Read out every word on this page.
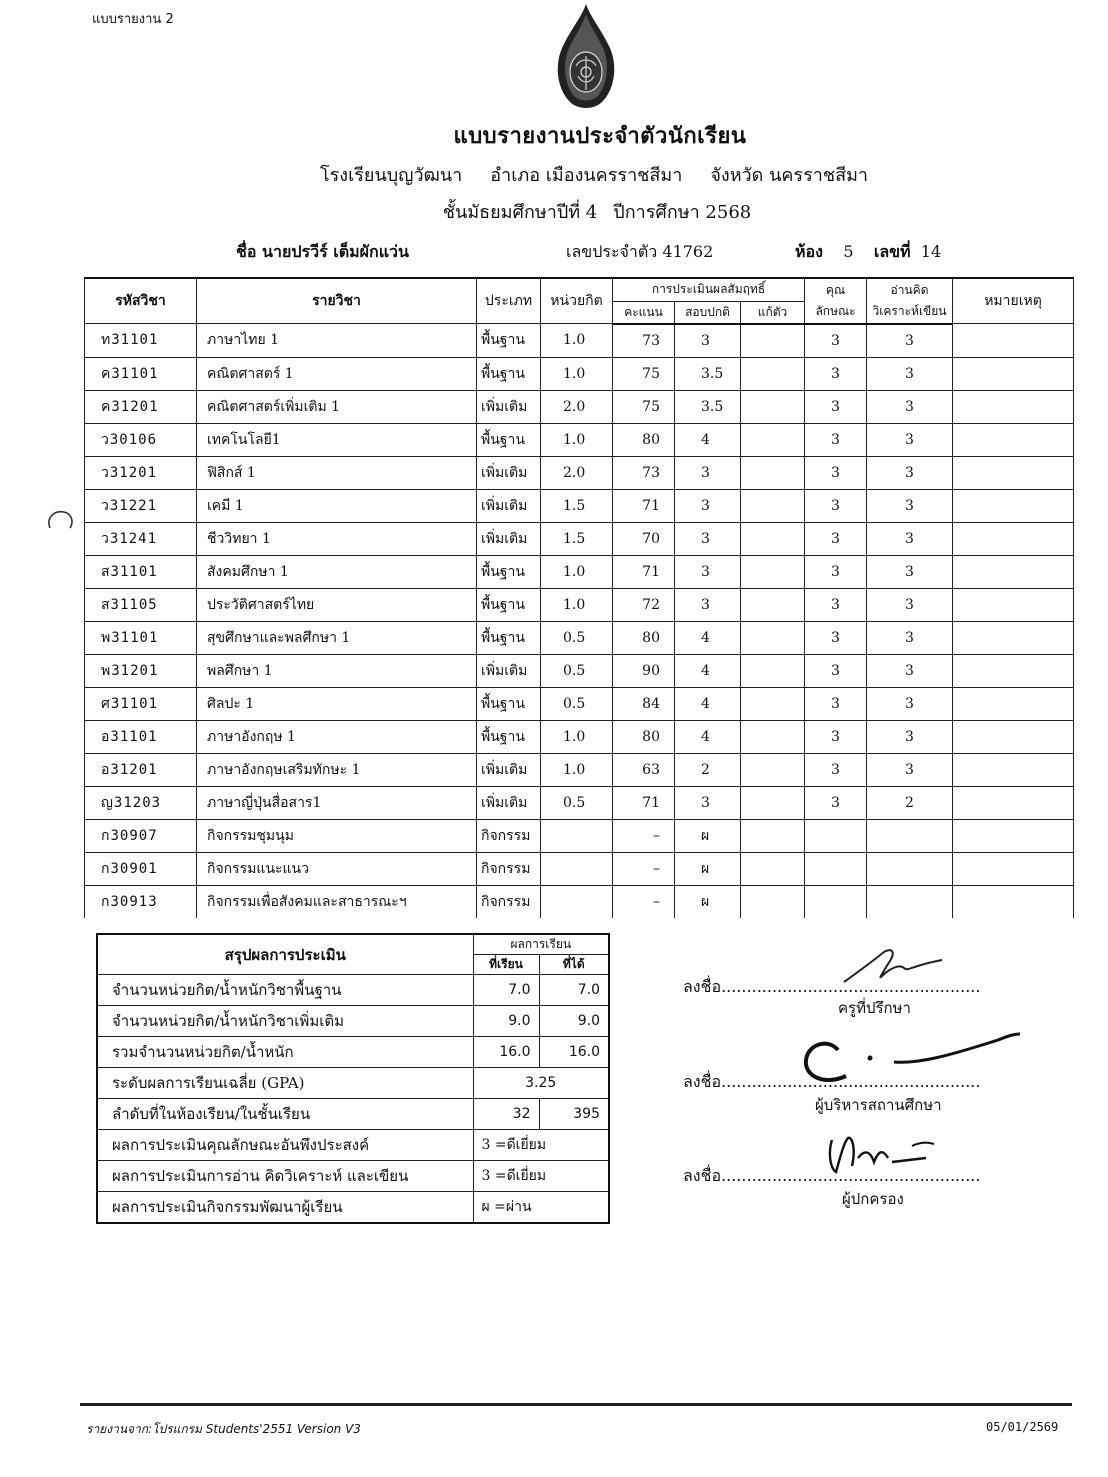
แบบรายงาน 2
แบบรายงานประจำตัวนักเรียน
โรงเรียนบุญวัฒนา อำเภอ เมืองนครราชสีมา จังหวัด นครราชสีมา
ชั้นมัธยมศึกษาปีที่ 4 ปีการศึกษา 2568
ชื่อ นายปรวีร์ เต็มผักแว่น	เลขประจำตัว 41762	ห้อง 5 เลขที่ 14
รหัสวิชา	รายวิชา	ประเภท	หน่วยกิต	การประเมินผลสัมฤทธิ์			คุณ	อ่านคิด	หมายเหตุ
				คะแนน	สอบปกติ	แก้ตัว	ลักษณะ	วิเคราะห์เขียน	
ท31101	ภาษาไทย 1	พื้นฐาน	1.0	73	3		3	3	
ค31101	คณิตศาสตร์ 1	พื้นฐาน	1.0	75	3.5		3	3	
ค31201	คณิตศาสตร์เพิ่มเติม 1	เพิ่มเติม	2.0	75	3.5		3	3	
ว30106	เทคโนโลยี1	พื้นฐาน	1.0	80	4		3	3	
ว31201	ฟิสิกส์ 1	เพิ่มเติม	2.0	73	3		3	3	
ว31221	เคมี 1	เพิ่มเติม	1.5	71	3		3	3	
ว31241	ชีววิทยา 1	เพิ่มเติม	1.5	70	3		3	3	
ส31101	สังคมศึกษา 1	พื้นฐาน	1.0	71	3		3	3	
ส31105	ประวัติศาสตร์ไทย	พื้นฐาน	1.0	72	3		3	3	
พ31101	สุขศึกษาและพลศึกษา 1	พื้นฐาน	0.5	80	4		3	3	
พ31201	พลศึกษา 1	เพิ่มเติม	0.5	90	4		3	3	
ศ31101	ศิลปะ 1	พื้นฐาน	0.5	84	4		3	3	
อ31101	ภาษาอังกฤษ 1	พื้นฐาน	1.0	80	4		3	3	
อ31201	ภาษาอังกฤษเสริมทักษะ 1	เพิ่มเติม	1.0	63	2		3	3	
ญ31203	ภาษาญี่ปุ่นสื่อสาร1	เพิ่มเติม	0.5	71	3		3	2	
ก30907	กิจกรรมชุมนุม	กิจกรรม		–	ผ				
ก30901	กิจกรรมแนะแนว	กิจกรรม		–	ผ				
ก30913	กิจกรรมเพื่อสังคมและสาธารณะฯ	กิจกรรม		–	ผ				
สรุปผลการประเมิน	ผลการเรียน	
	ที่เรียน	ที่ได้
จำนวนหน่วยกิต/น้ำหนักวิชาพื้นฐาน	7.0	7.0
จำนวนหน่วยกิต/น้ำหนักวิชาเพิ่มเติม	9.0	9.0
รวมจำนวนหน่วยกิต/น้ำหนัก	16.0	16.0
ระดับผลการเรียนเฉลี่ย (GPA)	3.25	
ลำดับที่ในห้องเรียน/ในชั้นเรียน	32	395
ผลการประเมินคุณลักษณะอันพึงประสงค์	3 =ดีเยี่ยม	
ผลการประเมินการอ่าน คิดวิเคราะห์ และเขียน	3 =ดีเยี่ยม	
ผลการประเมินกิจกรรมพัฒนาผู้เรียน	ผ =ผ่าน	
ลงชื่อ...................................................
ครูที่ปรึกษา
ลงชื่อ...................................................
ผู้บริหารสถานศึกษา
ลงชื่อ...................................................
ผู้ปกครอง
รายงานจาก:โปรแกรม Students'2551 Version V3	05/01/2569
